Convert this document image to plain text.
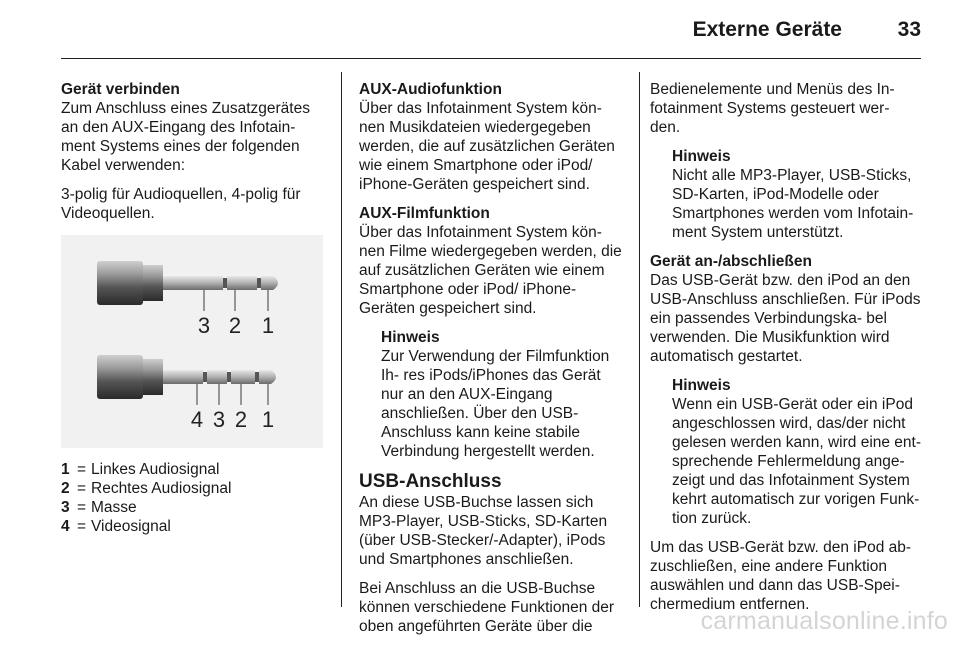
Externe Geräte	33

Gerät verbinden
Zum Anschluss eines Zusatzgerätes an den AUX-Eingang des Infotain- ment Systems eines der folgenden Kabel verwenden:

3-polig für Audioquellen, 4-polig für Videoquellen.

3 2 1
4 3 2 1
1 = Linkes Audiosignal
2 = Rechtes Audiosignal
3 = Masse
4 = Videosignal

AUX-Audiofunktion
Über das Infotainment System kön- nen Musikdateien wiedergegeben werden, die auf zusätzlichen Geräten wie einem Smartphone oder iPod/ iPhone-Geräten gespeichert sind.

AUX-Filmfunktion
Über das Infotainment System kön- nen Filme wiedergegeben werden, die auf zusätzlichen Geräten wie einem Smartphone oder iPod/ iPhone-Geräten gespeichert sind.

Hinweis
Zur Verwendung der Filmfunktion Ih- res iPods/iPhones das Gerät nur an den AUX-Eingang anschließen. Über den USB-Anschluss kann keine stabile Verbindung hergestellt werden.

USB-Anschluss
An diese USB-Buchse lassen sich MP3-Player, USB-Sticks, SD-Karten (über USB-Stecker/-Adapter), iPods und Smartphones anschließen.

Bei Anschluss an die USB-Buchse können verschiedene Funktionen der oben angeführten Geräte über die

Bedienelemente und Menüs des In- fotainment Systems gesteuert wer- den.

Hinweis
Nicht alle MP3-Player, USB-Sticks, SD-Karten, iPod-Modelle oder Smartphones werden vom Infotain- ment System unterstützt.

Gerät an-/abschließen
Das USB-Gerät bzw. den iPod an den USB-Anschluss anschließen. Für iPods ein passendes Verbindungska- bel verwenden. Die Musikfunktion wird automatisch gestartet.

Hinweis
Wenn ein USB-Gerät oder ein iPod angeschlossen wird, das/der nicht gelesen werden kann, wird eine ent- sprechende Fehlermeldung ange- zeigt und das Infotainment System kehrt automatisch zur vorigen Funk- tion zurück.

Um das USB-Gerät bzw. den iPod ab- zuschließen, eine andere Funktion auswählen und dann das USB-Spei- chermedium entfernen.

carmanualsonline.info
